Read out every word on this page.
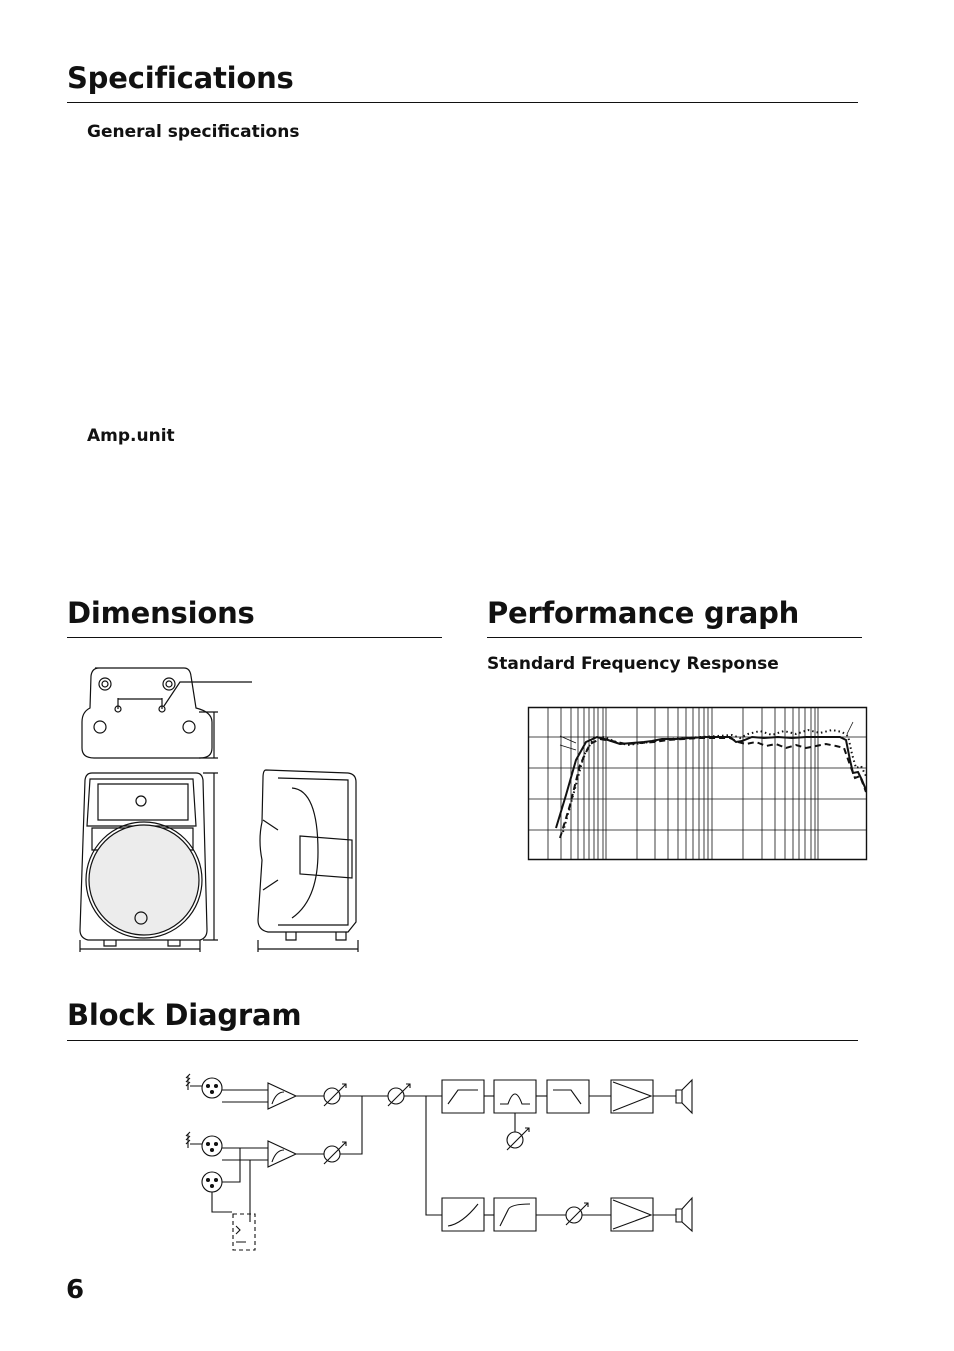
Specifications
General specifications
Amp.unit
Dimensions	Performance graph
Standard Frequency Response
Block Diagram
6
